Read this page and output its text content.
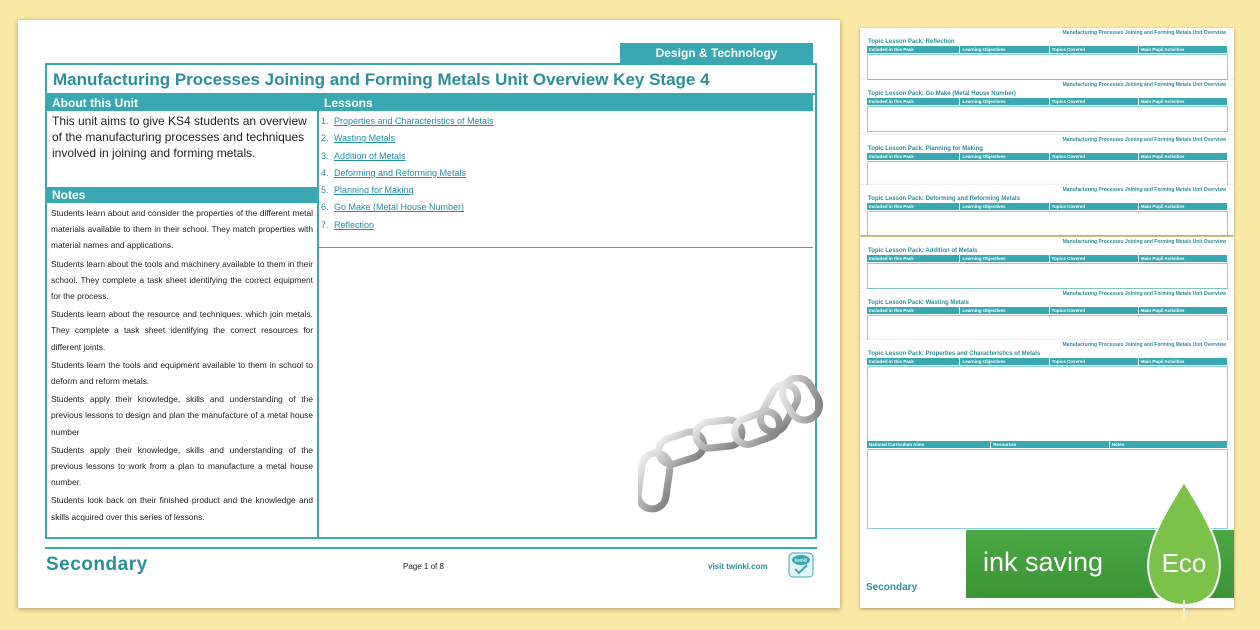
Design & Technology
Manufacturing Processes Joining and Forming Metals Unit Overview Key Stage 4
About this Unit
This unit aims to give KS4 students an overview of the manufacturing processes and techniques involved in joining and forming metals.
Notes

Students learn about and consider the properties of the different metal materials available to them in their school. They match properties with material names and applications.

Students learn about the tools and machinery available to them in their school. They complete a task sheet identifying the correct equipment for the process.

Students learn about the resource and techniques. which join metals. They complete a task sheet identifying the correct resources for different joints.

Students learn the tools and equipment available to them in school to deform and reform metals.

Students apply their knowledge, skills and understanding of the previous lessons to design and plan the manufacture of a metal house number

Students apply their knowledge, skills and understanding of the previous lessons to work from a plan to manufacture a metal house number.

Students look back on their finished product and the knowledge and skills acquired over this series of lessons.

Lessons
1. Properties and Characteristics of Metals
2. Wasting Metals
3. Addition of Metals
4. Deforming and Reforming Metals
5. Planning for Making
6. Go Make (Metal House Number)
7. Reflection
Secondary	Page 1 of 8	visit twinkl.com
twinkl
Manufacturing Processes Joining and Forming Metals Unit Overview
Topic Lesson Pack: Reflection
Included in this Pack	Learning Objectives	Topics Covered	Main Pupil Activities
Manufacturing Processes Joining and Forming Metals Unit Overview
Topic Lesson Pack: Go Make (Metal House Number)
Included in this Pack	Learning Objectives	Topics Covered	Main Pupil Activities
Manufacturing Processes Joining and Forming Metals Unit Overview
Topic Lesson Pack: Planning for Making
Included in this Pack	Learning Objectives	Topics Covered	Main Pupil Activities
Manufacturing Processes Joining and Forming Metals Unit Overview
Topic Lesson Pack: Deforming and Reforming Metals
Included in this Pack	Learning Objectives	Topics Covered	Main Pupil Activities
Manufacturing Processes Joining and Forming Metals Unit Overview
Topic Lesson Pack: Addition of Metals
Included in this Pack	Learning Objectives	Topics Covered	Main Pupil Activities
Manufacturing Processes Joining and Forming Metals Unit Overview
Topic Lesson Pack: Wasting Metals
Included in this Pack	Learning Objectives	Topics Covered	Main Pupil Activities
Manufacturing Processes Joining and Forming Metals Unit Overview
Topic Lesson Pack: Properties and Characteristics of Metals
Included in this Pack	Learning Objectives	Topics Covered	Main Pupil Activities
National Curriculum Aims	Resources	Notes
Secondary
ink saving Eco
